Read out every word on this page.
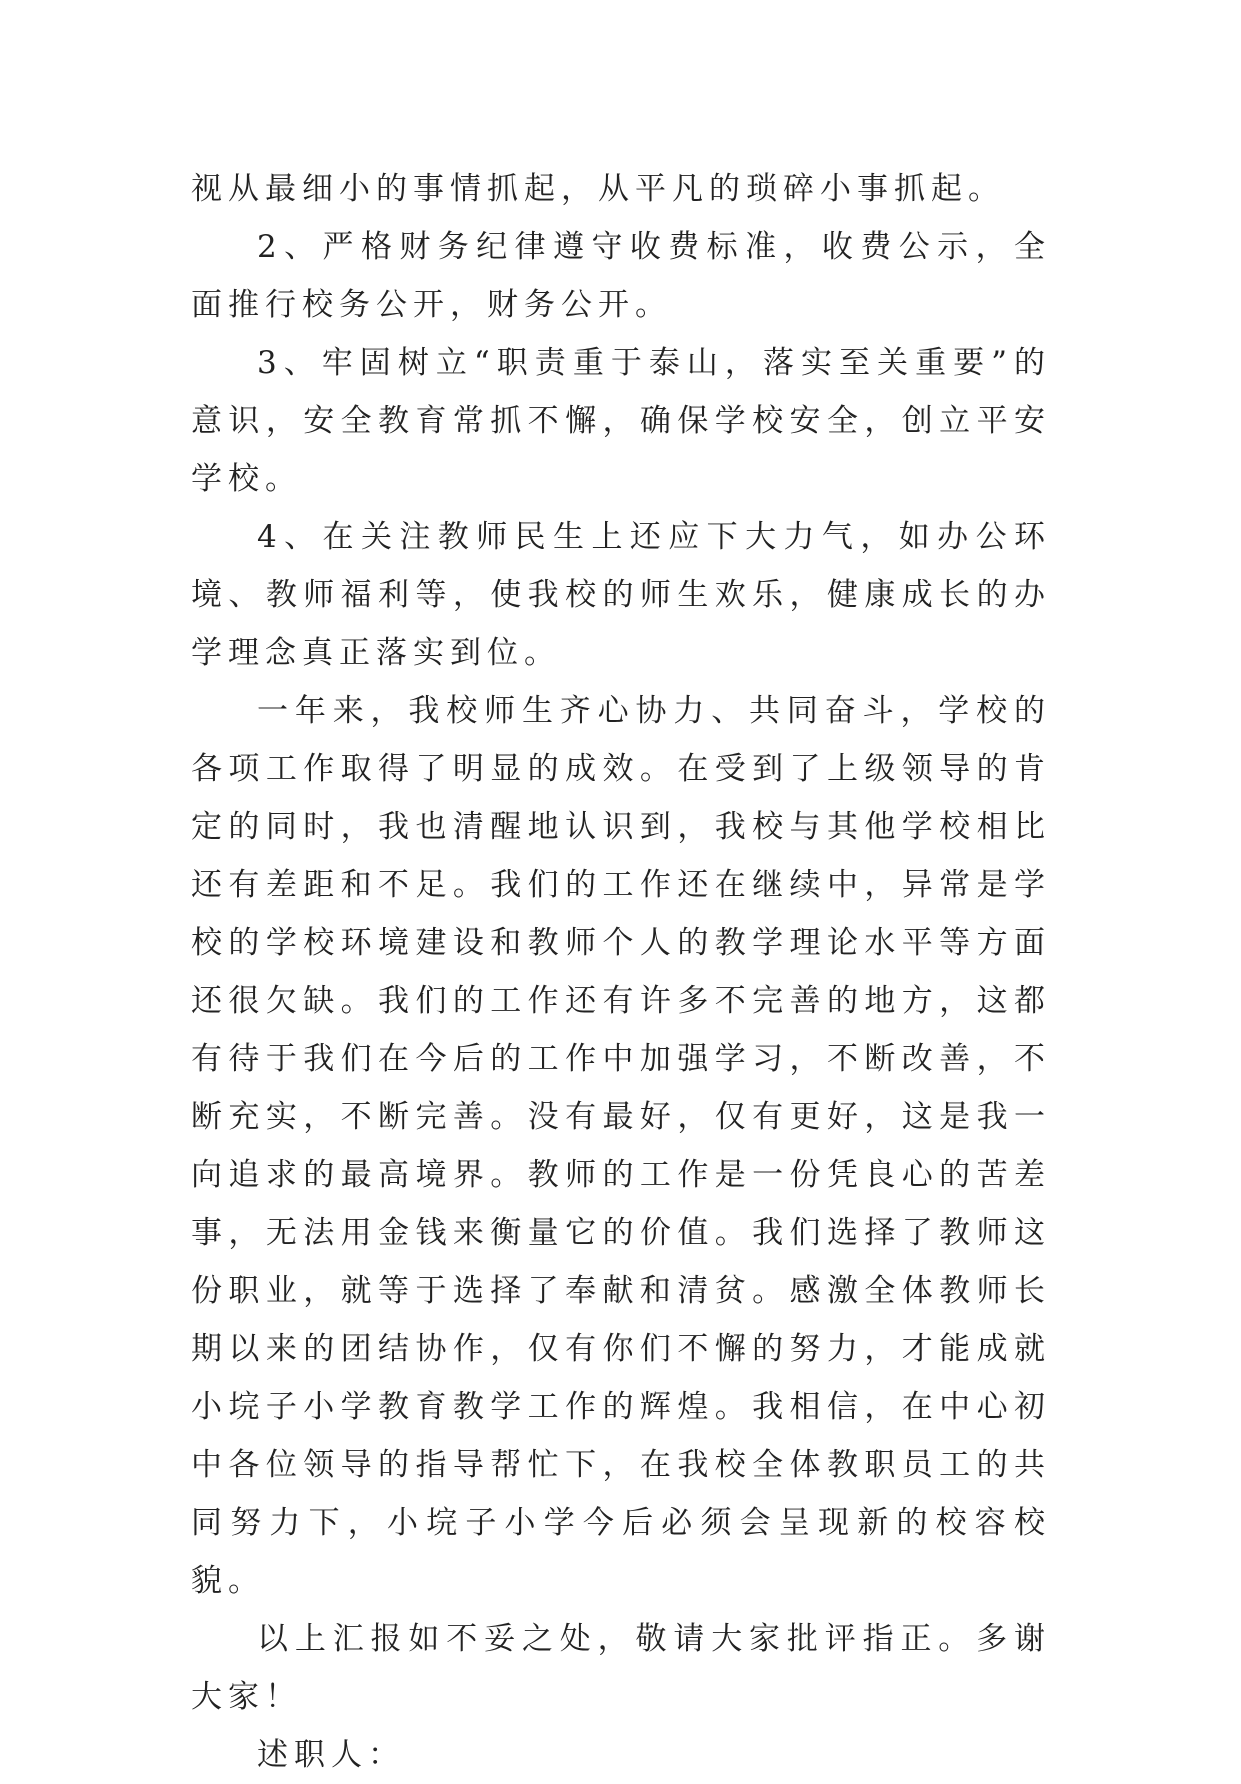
视从最细小的事情抓起，从平凡的琐碎小事抓起。

2、严格财务纪律遵守收费标准，收费公示，全面推行校务公开，财务公开。

3、牢固树立“职责重于泰山，落实至关重要”的意识，安全教育常抓不懈，确保学校安全，创立平安学校。

4、在关注教师民生上还应下大力气，如办公环境、教师福利等，使我校的师生欢乐，健康成长的办学理念真正落实到位。

一年来，我校师生齐心协力、共同奋斗，学校的各项工作取得了明显的成效。在受到了上级领导的肯定的同时，我也清醒地认识到，我校与其他学校相比还有差距和不足。我们的工作还在继续中，异常是学校的学校环境建设和教师个人的教学理论水平等方面还很欠缺。我们的工作还有许多不完善的地方，这都有待于我们在今后的工作中加强学习，不断改善，不断充实，不断完善。没有最好，仅有更好，这是我一向追求的最高境界。教师的工作是一份凭良心的苦差事，无法用金钱来衡量它的价值。我们选择了教师这份职业，就等于选择了奉献和清贫。感激全体教师长期以来的团结协作，仅有你们不懈的努力，才能成就小垸子小学教育教学工作的辉煌。我相信，在中心初中各位领导的指导帮忙下，在我校全体教职员工的共同努力下，小垸子小学今后必须会呈现新的校容校貌。

以上汇报如不妥之处，敬请大家批评指正。多谢大家！

述职人：
